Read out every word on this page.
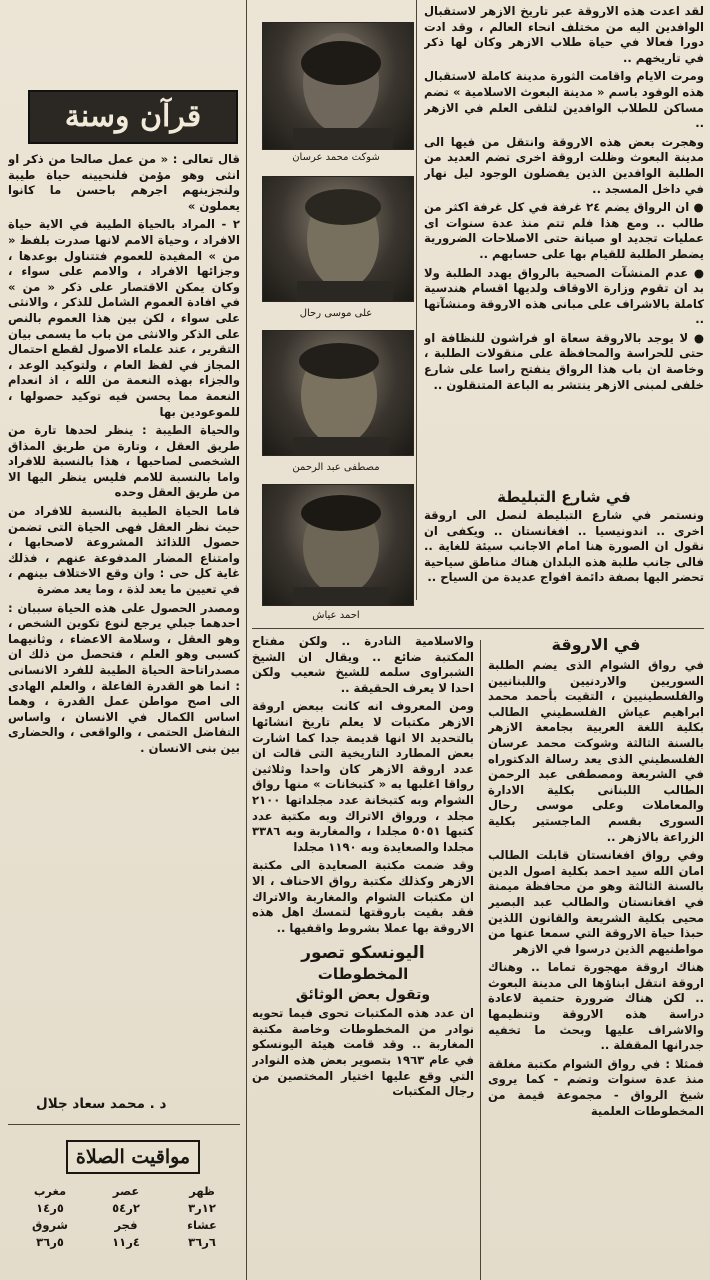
لقد اعدت هذه الاروقة عبر تاريخ الازهر لاستقبال الوافدين اليه من مختلف انحاء العالم ، وقد ادت دورا فعالا في حياة طلاب الازهر وكان لها ذكر في تاريخهم ..

ومرت الايام واقامت الثورة مدينة كاملة لاستقبال هذه الوفود باسم « مدينة البعوث الاسلامية » تضم مساكن للطلاب الوافدين لتلقى العلم في الازهر ..

وهجرت بعض هذه الاروقة وانتقل من فيها الى مدينة البعوث وظلت اروقة اخرى تضم العديد من الطلبة الوافدين الذين يفضلون الوجود ليل نهار في داخل المسجد ..

● ان الرواق يضم ٢٤ غرفة في كل غرفة اكثر من طالب .. ومع هذا فلم تتم منذ عدة سنوات اى عمليات تجديد او صيانة حتى الاصلاحات الضرورية يضطر الطلبة للقيام بها على حسابهم ..

● عدم المنشآت الصحية بالرواق يهدد الطلبة ولا بد ان تقوم وزارة الاوقاف ولديها اقسام هندسية كاملة بالاشراف على مبانى هذه الاروقة ومنشآتها ..

● لا يوجد بالاروقة سعاة او فراشون للنظافة او حتى للحراسة والمحافظة على منقولات الطلبة ، وخاصة ان باب هذا الرواق ينفتح راسا على شارع خلفى لمبنى الازهر ينتشر به الباعة المتنقلون ..

في شارع التبليطة

ونستمر في شارع التبليطة لنصل الى اروقة اخرى .. اندونيسيا .. افغانستان .. ويكفى ان نقول ان الصورة هنا امام الاجانب سيئة للغاية .. فالى جانب طلبة هذه البلدان هناك مناطق سياحية تحضر اليها بصفة دائمة افواج عديدة من السياح ..

شوكت محمد عرسان
على موسى رحال
مصطفى عبد الرحمن
احمد عياش
في الاروقة

في رواق الشوام الذى يضم الطلبة السوريين والاردنيين واللبنانيين والفلسطينيين ، التقيت بأحمد محمد ابراهيم عياش الفلسطيني الطالب بكلية اللغة العربية بجامعة الازهر بالسنة الثالثة وشوكت محمد عرسان الفلسطيني الذى يعد رسالة الدكتوراه في الشريعة ومصطفى عبد الرحمن الطالب اللبنانى بكلية الادارة والمعاملات وعلى موسى رحال السورى بقسم الماجستير بكلية الزراعة بالازهر ..

وفي رواق افغانستان قابلت الطالب امان الله سيد احمد بكلية اصول الدين بالسنة الثالثة وهو من محافظة ميمنة في افغانستان والطالب عبد البصير محيى بكلية الشريعة والقانون اللذين حبذا حياة الاروقة التي سمعا عنها من مواطنيهم الذين درسوا في الازهر

هناك اروقة مهجورة تماما .. وهناك اروقة انتقل ابناؤها الى مدينة البعوث .. لكن هناك ضرورة حتمية لاعادة دراسة هذه الاروقة وتنظيمها والاشراف عليها وبحث ما تخفيه جدرانها المقفلة ..

فمثلا : في رواق الشوام مكتبة مغلقة منذ عدة سنوات وتضم - كما يروى شيخ الرواق - مجموعة قيمة من المخطوطات العلمية

والاسلامية النادرة .. ولكن مفتاح المكتبة ضائع .. ويقال ان الشيخ الشبراوى سلمه للشيخ شعيب ولكن احدا لا يعرف الحقيقة ..

ومن المعروف انه كانت ببعض اروقة الازهر مكتبات لا يعلم تاريخ انشائها بالتحديد الا انها قديمة جدا كما اشارت بعض المطارد التاريخية التى قالت ان عدد اروقة الازهر كان واحدا وثلاثين رواقا اغلبها به « كتبخانات » منها رواق الشوام وبه كتبخانة عدد مجلداتها ٢١٠٠ مجلد ، ورواق الاتراك وبه مكتبة عدد كتبها ٥٠٥١ مجلدا ، والمغاربة وبه ٣٣٨٦ مجلدا والصعايدة وبه ١١٩٠ مجلدا

وقد ضمت مكتبة الصعايدة الى مكتبة الازهر وكذلك مكتبة رواق الاحناف ، الا ان مكتبات الشوام والمغاربة والاتراك فقد بقيت باروقتها لتمسك اهل هذه الاروقة بها عملا بشروط واقفيها ..

اليونسكو تصور
المخطوطات
وتقول بعض الوثائق

ان عدد هذه المكتبات تحوى فيما تحويه نوادر من المخطوطات وخاصة مكتبة المغاربة .. وقد قامت هيئة اليونسكو في عام ١٩٦٣ بتصوير بعض هذه النوادر التي وقع عليها اختيار المختصين من رجال المكتبات

قرآن وسنة

قال تعالى : « من عمل صالحا من ذكر او انثى وهو مؤمن فلنحيينه حياة طيبة ولنجزينهم اجرهم باحسن ما كانوا يعملون »

٢ - المراد بالحياة الطيبة في الاية حياة الافراد ، وحياة الامم لانها صدرت بلفظ « من » المفيدة للعموم فتتناول بوعدها ، وجزائها الافراد ، والامم على سواء ، وكان يمكن الاقتصار على ذكر « من » في افادة العموم الشامل للذكر ، والانثى على سواء ، لكن بين هذا العموم بالنص على الذكر والانثى من باب ما يسمى بيان التقرير ، عند علماء الاصول لقطع احتمال المجاز في لفظ العام ، ولتوكيد الوعد ، والجزاء بهذه النعمة من الله ، اذ انعدام النعمة مما يحسن فيه توكيد حصولها ، للموعودين بها

والحياة الطيبة : ينظر لحدها تارة من طريق العقل ، وتارة من طريق المذاق الشخصى لصاحبها ، هذا بالنسبة للافراد واما بالنسبة للامم فليس ينظر اليها الا من طريق العقل وحده

فاما الحياة الطيبة بالنسبة للافراد من حيث نظر العقل فهى الحياة التى تضمن حصول اللذائذ المشروعة لاصحابها ، وامتناع المضار المدفوعة عنهم ، فذلك غاية كل حى : وان وقع الاختلاف بينهم ، في تعيين ما يعد لذة ، وما يعد مضرة

ومصدر الحصول على هذه الحياة سببان : احدهما جبلي يرجع لنوع تكوين الشخص ، وهو العقل ، وسلامة الاعضاء ، وثانيهما كسبى وهو العلم ، فتحصل من ذلك ان مصدراتاحة الحياة الطيبة للفرد الانسانى : انما هو القدرة الفاعلة ، والعلم الهادى الى اصح مواطن عمل القدرة ، وهما اساس الكمال في الانسان ، واساس التفاضل الحتمى ، والواقعى ، والحضارى بين بنى الانسان .

د . محمد سعاد جلال
مواقيت الصلاة
ظهر	عصر	مغرب
١٢ر٣	٢ر٥٤	٥ر١٤
عشاء	فجر	شروق
٦ر٣٦	٤ر١١	٥ر٣٦
